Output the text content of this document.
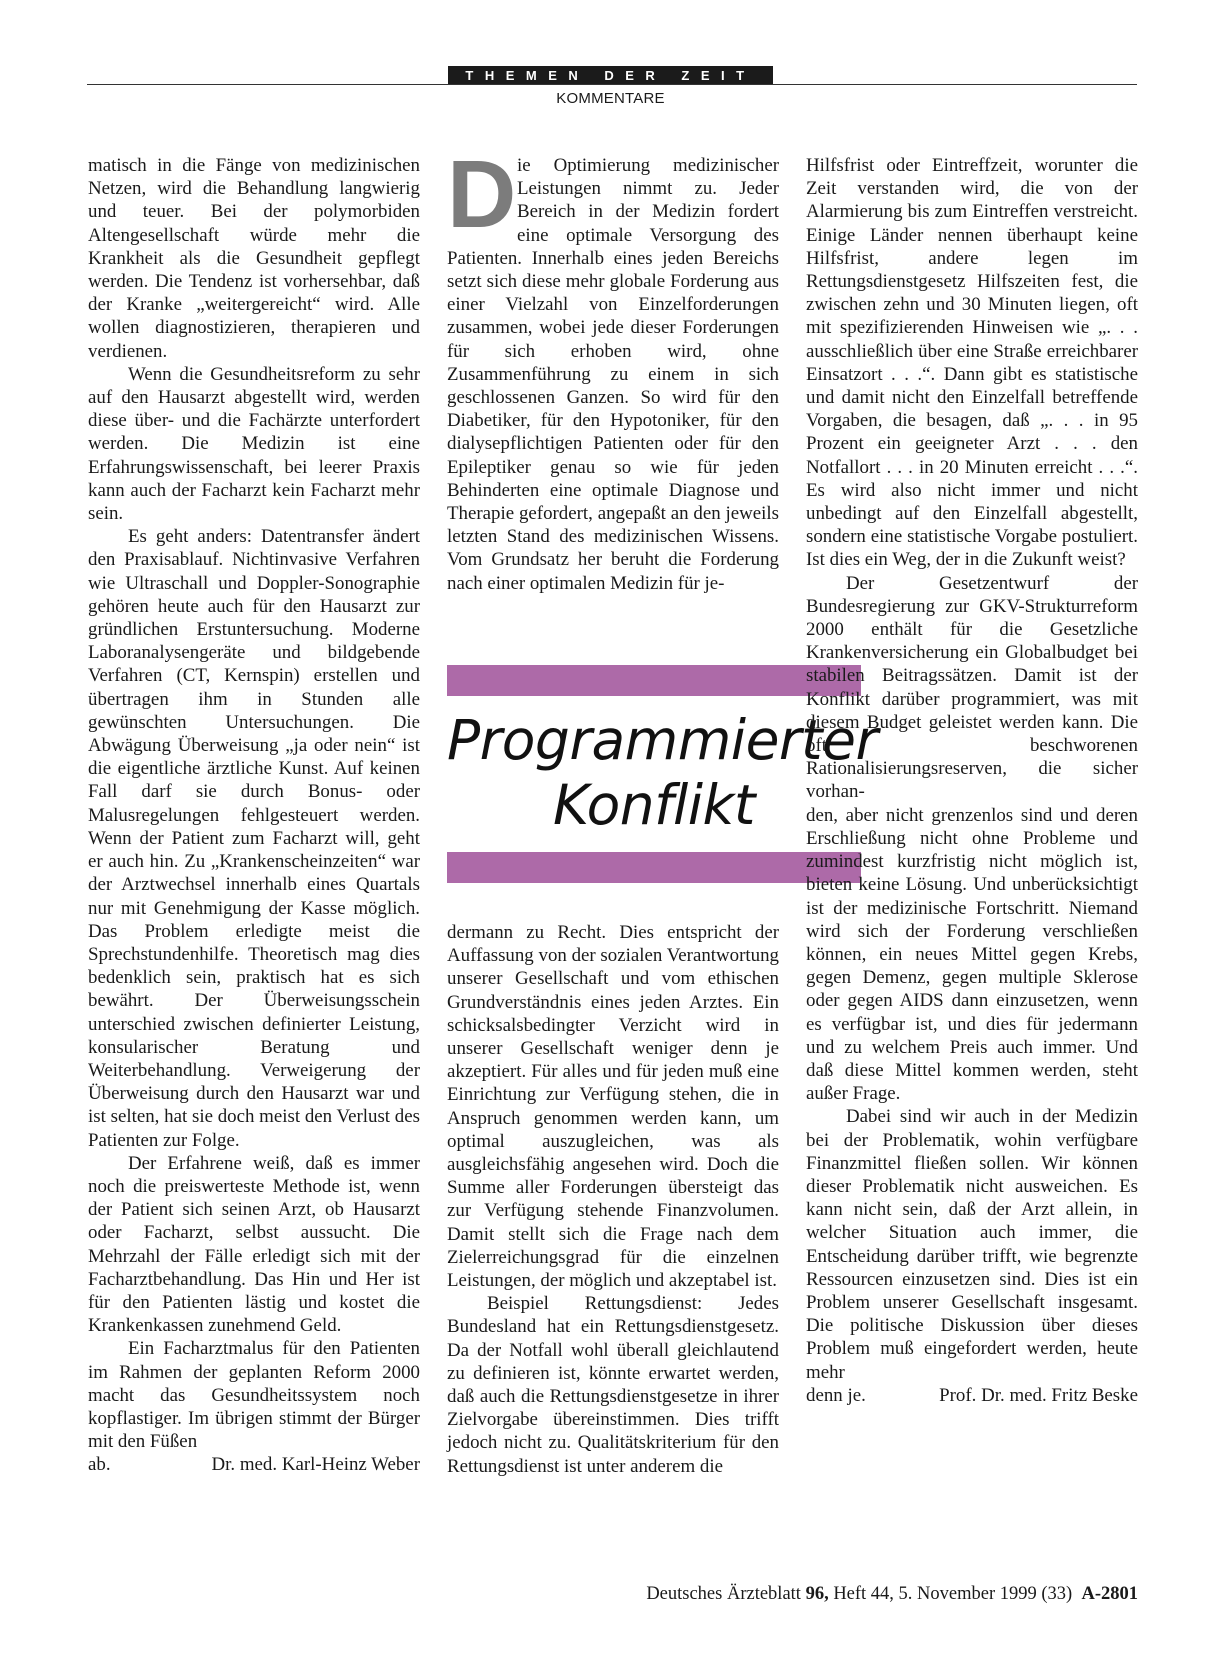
THEMEN DER ZEIT
KOMMENTARE

matisch in die Fänge von medizinischen Netzen, wird die Behandlung langwierig und teuer. Bei der polymorbiden Altengesellschaft würde mehr die Krankheit als die Gesundheit gepflegt werden. Die Tendenz ist vorhersehbar, daß der Kranke „weitergereicht“ wird. Alle wollen diagnostizieren, therapieren und verdienen.

Wenn die Gesundheitsreform zu sehr auf den Hausarzt abgestellt wird, werden diese über- und die Fachärzte unterfordert werden. Die Medizin ist eine Erfahrungswissenschaft, bei leerer Praxis kann auch der Facharzt kein Facharzt mehr sein.

Es geht anders: Datentransfer ändert den Praxisablauf. Nichtinvasive Verfahren wie Ultraschall und Doppler-Sonographie gehören heute auch für den Hausarzt zur gründlichen Erstuntersuchung. Moderne Laboranalysengeräte und bildgebende Verfahren (CT, Kernspin) erstellen und übertragen ihm in Stunden alle gewünschten Untersuchungen. Die Abwägung Überweisung „ja oder nein“ ist die eigentliche ärztliche Kunst. Auf keinen Fall darf sie durch Bonus- oder Malusregelungen fehlgesteuert werden. Wenn der Patient zum Facharzt will, geht er auch hin. Zu „Krankenscheinzeiten“ war der Arztwechsel innerhalb eines Quartals nur mit Genehmigung der Kasse möglich. Das Problem erledigte meist die Sprechstundenhilfe. Theoretisch mag dies bedenklich sein, praktisch hat es sich bewährt. Der Überweisungsschein unterschied zwischen definierter Leistung, konsularischer Beratung und Weiterbehandlung. Verweigerung der Überweisung durch den Hausarzt war und ist selten, hat sie doch meist den Verlust des Patienten zur Folge.

Der Erfahrene weiß, daß es immer noch die preiswerteste Methode ist, wenn der Patient sich seinen Arzt, ob Hausarzt oder Facharzt, selbst aussucht. Die Mehrzahl der Fälle erledigt sich mit der Facharztbehandlung. Das Hin und Her ist für den Patienten lästig und kostet die Krankenkassen zunehmend Geld.

Ein Facharztmalus für den Patienten im Rahmen der geplanten Reform 2000 macht das Gesundheitssystem noch kopflastiger. Im übrigen stimmt der Bürger mit den Füßen

ab.	Dr. med. Karl-Heinz Weber

Die Optimierung medizinischer Leistungen nimmt zu. Jeder Bereich in der Medizin fordert eine optimale Versorgung des Patienten. Innerhalb eines jeden Bereichs setzt sich diese mehr globale Forderung aus einer Vielzahl von Einzelforderungen zusammen, wobei jede dieser Forderungen für sich erhoben wird, ohne Zusammenführung zu einem in sich geschlossenen Ganzen. So wird für den Diabetiker, für den Hypotoniker, für den dialysepflichtigen Patienten oder für den Epileptiker genau so wie für jeden Behinderten eine optimale Diagnose und Therapie gefordert, angepaßt an den jeweils letzten Stand des medizinischen Wissens. Vom Grundsatz her beruht die Forderung nach einer optimalen Medizin für je-

Programmierter
Konflikt

dermann zu Recht. Dies entspricht der Auffassung von der sozialen Verantwortung unserer Gesellschaft und vom ethischen Grundverständnis eines jeden Arztes. Ein schicksalsbedingter Verzicht wird in unserer Gesellschaft weniger denn je akzeptiert. Für alles und für jeden muß eine Einrichtung zur Verfügung stehen, die in Anspruch genommen werden kann, um optimal auszugleichen, was als ausgleichsfähig angesehen wird. Doch die Summe aller Forderungen übersteigt das zur Verfügung stehende Finanzvolumen. Damit stellt sich die Frage nach dem Zielerreichungsgrad für die einzelnen Leistungen, der möglich und akzeptabel ist.

Beispiel Rettungsdienst: Jedes Bundesland hat ein Rettungsdienstgesetz. Da der Notfall wohl überall gleichlautend zu definieren ist, könnte erwartet werden, daß auch die Rettungsdienstgesetze in ihrer Zielvorgabe übereinstimmen. Dies trifft jedoch nicht zu. Qualitätskriterium für den Rettungsdienst ist unter anderem die

Hilfsfrist oder Eintreffzeit, worunter die Zeit verstanden wird, die von der Alarmierung bis zum Eintreffen verstreicht. Einige Länder nennen überhaupt keine Hilfsfrist, andere legen im Rettungsdienstgesetz Hilfszeiten fest, die zwischen zehn und 30 Minuten liegen, oft mit spezifizierenden Hinweisen wie „. . . ausschließlich über eine Straße erreichbarer Einsatzort . . .“. Dann gibt es statistische und damit nicht den Einzelfall betreffende Vorgaben, die besagen, daß „. . . in 95 Prozent ein geeigneter Arzt . . . den Notfallort . . . in 20 Minuten erreicht . . .“. Es wird also nicht immer und nicht unbedingt auf den Einzelfall abgestellt, sondern eine statistische Vorgabe postuliert. Ist dies ein Weg, der in die Zukunft weist?

Der Gesetzentwurf der Bundesregierung zur GKV-Strukturreform 2000 enthält für die Gesetzliche Krankenversicherung ein Globalbudget bei stabilen Beitragssätzen. Damit ist der Konflikt darüber programmiert, was mit diesem Budget geleistet werden kann. Die oft beschworenen Rationalisierungsreserven, die sicher vorhan-

den, aber nicht grenzenlos sind und deren Erschließung nicht ohne Probleme und zumindest kurzfristig nicht möglich ist, bieten keine Lösung. Und unberücksichtigt ist der medizinische Fortschritt. Niemand wird sich der Forderung verschließen können, ein neues Mittel gegen Krebs, gegen Demenz, gegen multiple Sklerose oder gegen AIDS dann einzusetzen, wenn es verfügbar ist, und dies für jedermann und zu welchem Preis auch immer. Und daß diese Mittel kommen werden, steht außer Frage.

Dabei sind wir auch in der Medizin bei der Problematik, wohin verfügbare Finanzmittel fließen sollen. Wir können dieser Problematik nicht ausweichen. Es kann nicht sein, daß der Arzt allein, in welcher Situation auch immer, die Entscheidung darüber trifft, wie begrenzte Ressourcen einzusetzen sind. Dies ist ein Problem unserer Gesellschaft insgesamt. Die politische Diskussion über dieses Problem muß eingefordert werden, heute mehr

denn je.	Prof. Dr. med. Fritz Beske
Deutsches Ärzteblatt 96, Heft 44, 5. November 1999 (33) A-2801
